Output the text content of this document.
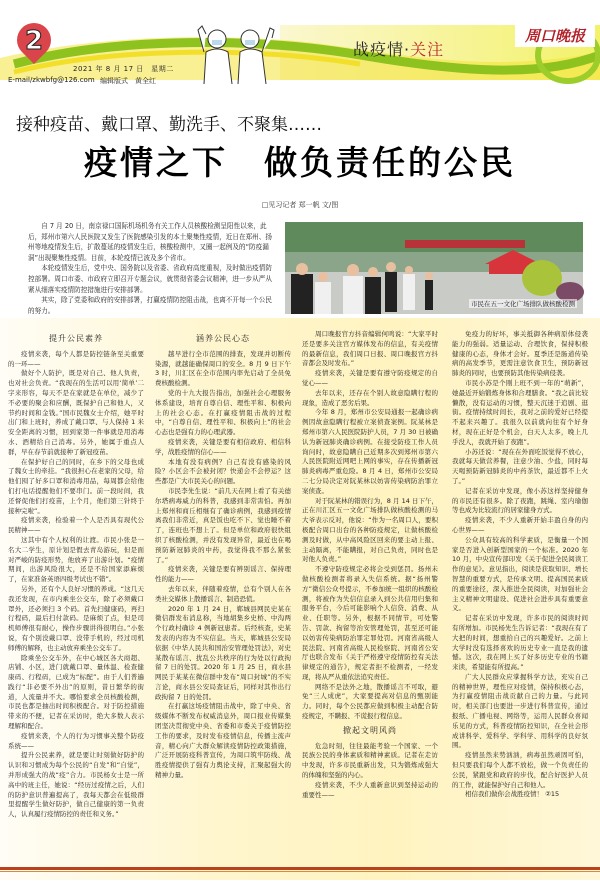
2
2021 年 8 月 17 日　星期二
E-mail/zkwbfg@126.com 编辑版式　黄全红
战疫情·关注
周口晚报
接种疫苗、戴口罩、勤洗手、不聚集……
疫情之下　做负责任的公民
□见习记者 郑一帆 文/图

自 7 月 20 日，南京禄口国际机场机务有关工作人员核酸检测呈阳性以来，此后，郑州市第六人民医院又发生了医院感染引发的本土聚集性疫情，近日在郑州、扬州等地疫情发生后，扩散蔓延的疫情发生后，核酸检测中，又圈一起例及的“防疫漏洞”出现聚集性疫情。目前，本轮疫情已波及多个省市。

本轮疫情发生后，党中央、国务院以及省委、省政府高度重视，及时做出疫情防控部署。周口市委、市政府立即召开专题会议，就贯彻省委会议精神，进一步从严从紧从细落实疫情防控措施进行安排部署。

其实，除了党委和政府的安排部署，打赢疫情防控阻击战，也离不开每一个公民的努力。

市民在五一文化广场排队做核酸检测
提升公民素养

疫情来袭，每个人都是防控链条至关重要的一环——

做好个人防护，既是对自己、他人负责，也对社会负责。“我现在的生活可以用‘简单’二字来形容，每天不是在家就是在单位，减少了不必要的聚会和应酬，既保护自己和他人，又节约时间和金钱。”国市民魏女士介绍，她平时出门和上班时，养成了戴口罩、与人保持 1 米安全距离的习惯，回到家第一件事就是用消毒水、酒精给自己消毒。另外，她属于重点人群，早在春节前就接种了新冠疫苗。

在保护好自己的同时，在乡下的父母也成了魏女士的牵挂。“我很担心在老家的父母，给他们囤了好多口罩和消毒用品，每周都会给他们打电话提醒他们不要串门。前一段时间，我还督促他们打疫苗，上个月，他们第三针终于接种完啦”。

疫情来袭，检验着一个人是否具有现代公民精神——

这其中有个人权利的让渡。市民小张是一名大二学生，原计划是假去青岛游玩，但是面对严峻的防疫形势，他放弃了出游计划。“疫情期间，出游风险很大，还是不给国家添麻烦了，在家准备英语四级考试也不错”。

另外，还有个人良好习惯的养成。“这几天我还发现，在市内乘坐公交车，除了必须戴口罩外，还必须扫 3 个码。首先扫健康码，再扫行程码，最后扫付款码。是麻烦了点，但是司机师傅很有耐心，操作步骤讲得很明白。”小张说，有个别没戴口罩、没带手机的，经过司机师傅的解释，也主动放弃乘坐公交车了。

除乘坐公交车外，在中心城区各大商超、店铺、小区，进门就戴口罩、量体温、检查健康码、行程码，已成为“标配”。由于人们普遍践行“非必要不外出”的原则，昔日繁华的街道，人流量并不大。哪怕要求全员核酸检测，市民也都是抽出时间积极配合。对于防控措施带来的不便，记者在采访时，绝大多数人表示理解和配合。

疫情来袭，个人的行为习惯事关整个防疫系统——

提升公民素养，就是要让时刻做好防护的认识和习惯成为每个公民的“自发”和“自觉”，并形成强大的战“疫”合力。市民杨女士是一所高中的班主任，她说：“经历过疫情之后，人们的防护意识普遍提高了，我每天都会在低级群里提醒学生做好防护，做自己健康的第一负责人，认真履行疫情防控的责任和义务。”

涵养公民心态

越早进行全市范围的排查，发现并切断传染源，就越能确保周口的安全。8 月 9 日下午 3 时，川汇区在全市范围内率先启动了全员免费核酸检测。

党的十九大报告指出，加强社会心理服务体系建设，培育自尊自信、理性平和、积极向上的社会心态。在打赢疫情阻击战的过程中，“自尊自信、理性平和、积极向上”的社会心态也是强有力的心理武器。

疫情来袭，关键是要有相信政府、相信科学，战胜疫情的信心——

本地有没有病例？自己有没有感染的风险？小区会不会被封闭？快递会不会停运？这些都是广大市民关心的问题。

市民李先生说：“前几天在网上看了有关德尔塔病毒威力的科普，我感到非常害怕。再加上郑州和商丘相继有了确诊病例，我感到疫情离我们非常近，真是饭也吃不下、觉也睡不着了，连班也不想上了。但是单位和政府很快组织了核酸检测，并没有发现异常，最近也在喝预防新冠肺炎的中药，我觉得我不那么紧张了。”

疫情来袭，关键是要有辨别谣言、保持理性的能力——

去年以来，伴随着疫情，总有个别人在各类社交媒体上散播谣言、制造恐慌。

2020 年 1 月 24 日，郸城县网民史某在微信群发布消息称，当地胡集乡史桥、中沟两个行政村确诊 4 例新冠患者。后经核查，史某发表的内容为不实信息。当天，郸城县公安局依据《中华人民共和国治安管理处罚法》，对史某散布谣言、扰乱公共秩序的行为处以行政拘留 7 日的处罚。2020 年 1 月 25 日，商水县网民于某某在微信群中发布“周口封城”的不实言论，商水县公安局查证后，同样对其作出行政拘留 7 日的处罚。

在打赢这场疫情阻击战中，除了中央、省级媒体不断发布权威消息外，周口报业传媒集团坚决贯彻党中央、省委和市委关于疫情防控工作的要求，及时发布疫情信息，传播主流声音，精心向广大群众解读疫情防控政策措施，广泛开展防疫科普宣传，为周口筑牢防线、战胜疫情提供了强有力舆论支持，汇聚起强大的精神力量。

周口晚报官方抖音编辑何鸣说：“大家平时还是要多关注官方媒体发布的信息，有关疫情的最新信息，我们周口日报、周口晚报官方抖音都会及时发布。”

疫情来袭，关键是要有遵守防疫规定的自觉心——

去年以来，还存在个别人故意隐瞒行程的现象，造成了恶劣后果。

今年 8 月，郑州市公安局通报一起确诊病例因故意隐瞒行程被立案侦查案例。阮某林是郑州市第六人民医院防护人员，7 月 30 日被确认为新冠肺炎确诊病例。在接受防疫工作人员询问时，故意隐瞒自己近期多次到郑州市第六人民医院附近网吧上网的事实，存在传播新冠肺炎病毒严重危险。8 月 4 日，郑州市公安局二七分局决定对阮某林以妨害传染病防治罪立案侦查。

对于阮某林的错误行为，8 月 14 日下午，正在川汇区五一文化广场排队做核酸检测的马大爷表示反对，他说：“作为一名周口人，要积极配合周口出台的各种防疫规定，让做核酸检测及时做，从中高风险区回来的要主动上报、主动隔离，不能瞒报，对自己负责，同时也是对他人负责。”

不遵守防疫规定必将会受到惩罚。扬州未做核酸检测者将录入失信系统。据“扬州警方”微信公众号提示，不参加统一组织的核酸检测，将被作为失信信息录入到公共信用归集和服务平台，今后可能影响个人信贷、消费、从业、任职等。另外，根据不同情节，可处警告、罚款、拘留等治安管理处罚，甚至还可能以妨害传染病防治罪定罪处罚。河南省高级人民法院、河南省高级人民检察院、河南省公安厅也联合发布《关于严格遵守疫情防控有关法律规定的通告》，规定者拒不检测者，一经发现，将从严从重依法追究责任。

网络不是法外之地，散播谣言不可取，避免“三人成虎”，大家要提高对信息的甄别能力。同时，每个公民都应做到积极主动配合防疫规定，不瞒报、不谎报行程信息。

掀起文明风尚

危急时刻，往往最能考验一个国家、一个民族公民的身体素质和精神素质。记者在走访中发现，许多市民重新出发，只为锻炼成强大的体魄和坚强的内心。

疫情来袭，不少人重新意识到坚持运动的重要性——

免疫力的好坏，事关抵御各种病原体侵袭能力的强弱。适量运动、合理饮食，保持积极健康的心态，身体才会好。夏季还是肠道传染病的高发季节，更需注意饮食卫生，预防新冠肺炎的同时，也要预防其他传染病侵袭。

市民小苏是个刚上班不到一年的“萌新”，她最近开始锻炼身体和合理膳食。“我之前比较懒散，没有运动的习惯，整天沉迷于追剧、逛街。疫情持续时间长，我对之前的爱好已经提不起来兴趣了。我很久以前就向往有个好身材，现在正好是个机会，白天人太多，晚上几乎没人，我就开始了夜跑”。

小苏还说：“现在在外面吃饭觉得不放心，我就每天做营养餐，注意少油、少盐，同时每天喝预防新冠肺炎的中药茶饮，最近都不上火了。”

记者在采访中发现，像小苏这样坚持健身的市民还有很多。除了夜跑，跳绳、室内瑜伽等也成为比较流行的居家健身方式。

疫情来袭，不少人重新开始丰盈自身的内心世界——

公众具有较高的科学素质，是衡量一个国家是否进入创新型国家的一个标准。2020 年 10 月，中央宣传部印发《关于促进全民阅读工作的意见》。意见指出，阅读是获取知识、增长智慧的重要方式，是传承文明、提高国民素质的重要途径，深入推进全民阅读，对加强社会主义精神文明建设、促进社会进步具有重要意义。

记者在采访中发现，许多市民的阅读时间有所增加。市民杨先生告诉记者：“我现在有了大把的时间，想重拾自己的兴趣爱好。之前上大学时没有选择喜欢的历史专业一直是我的遗憾。这次，我在网上买了好多历史专业的书籍来读，希望能有所提高。”

广大人民群众应掌握科学方法，充实自己的精神世界，理性应对疫情，保持积极心态，为打赢疫情阻击战贡献自己的力量。与此同时，相关部门也要进一步进行科普宣传，通过报纸、广播电视、网络等，运用人民群众喜闻乐见的方式，科普疫情防控知识，在全社会形成讲科学、爱科学、学科学、用科学的良好氛围。

疫情虽然来势汹汹，病毒虽然顽固可怕，但只要我们每个人都不放松，做一个负责任的公民，紧跟党和政府的步伐，配合好医护人员的工作，就能保护好自己和他人。

相信我们做你会战胜疫情！ ②15
